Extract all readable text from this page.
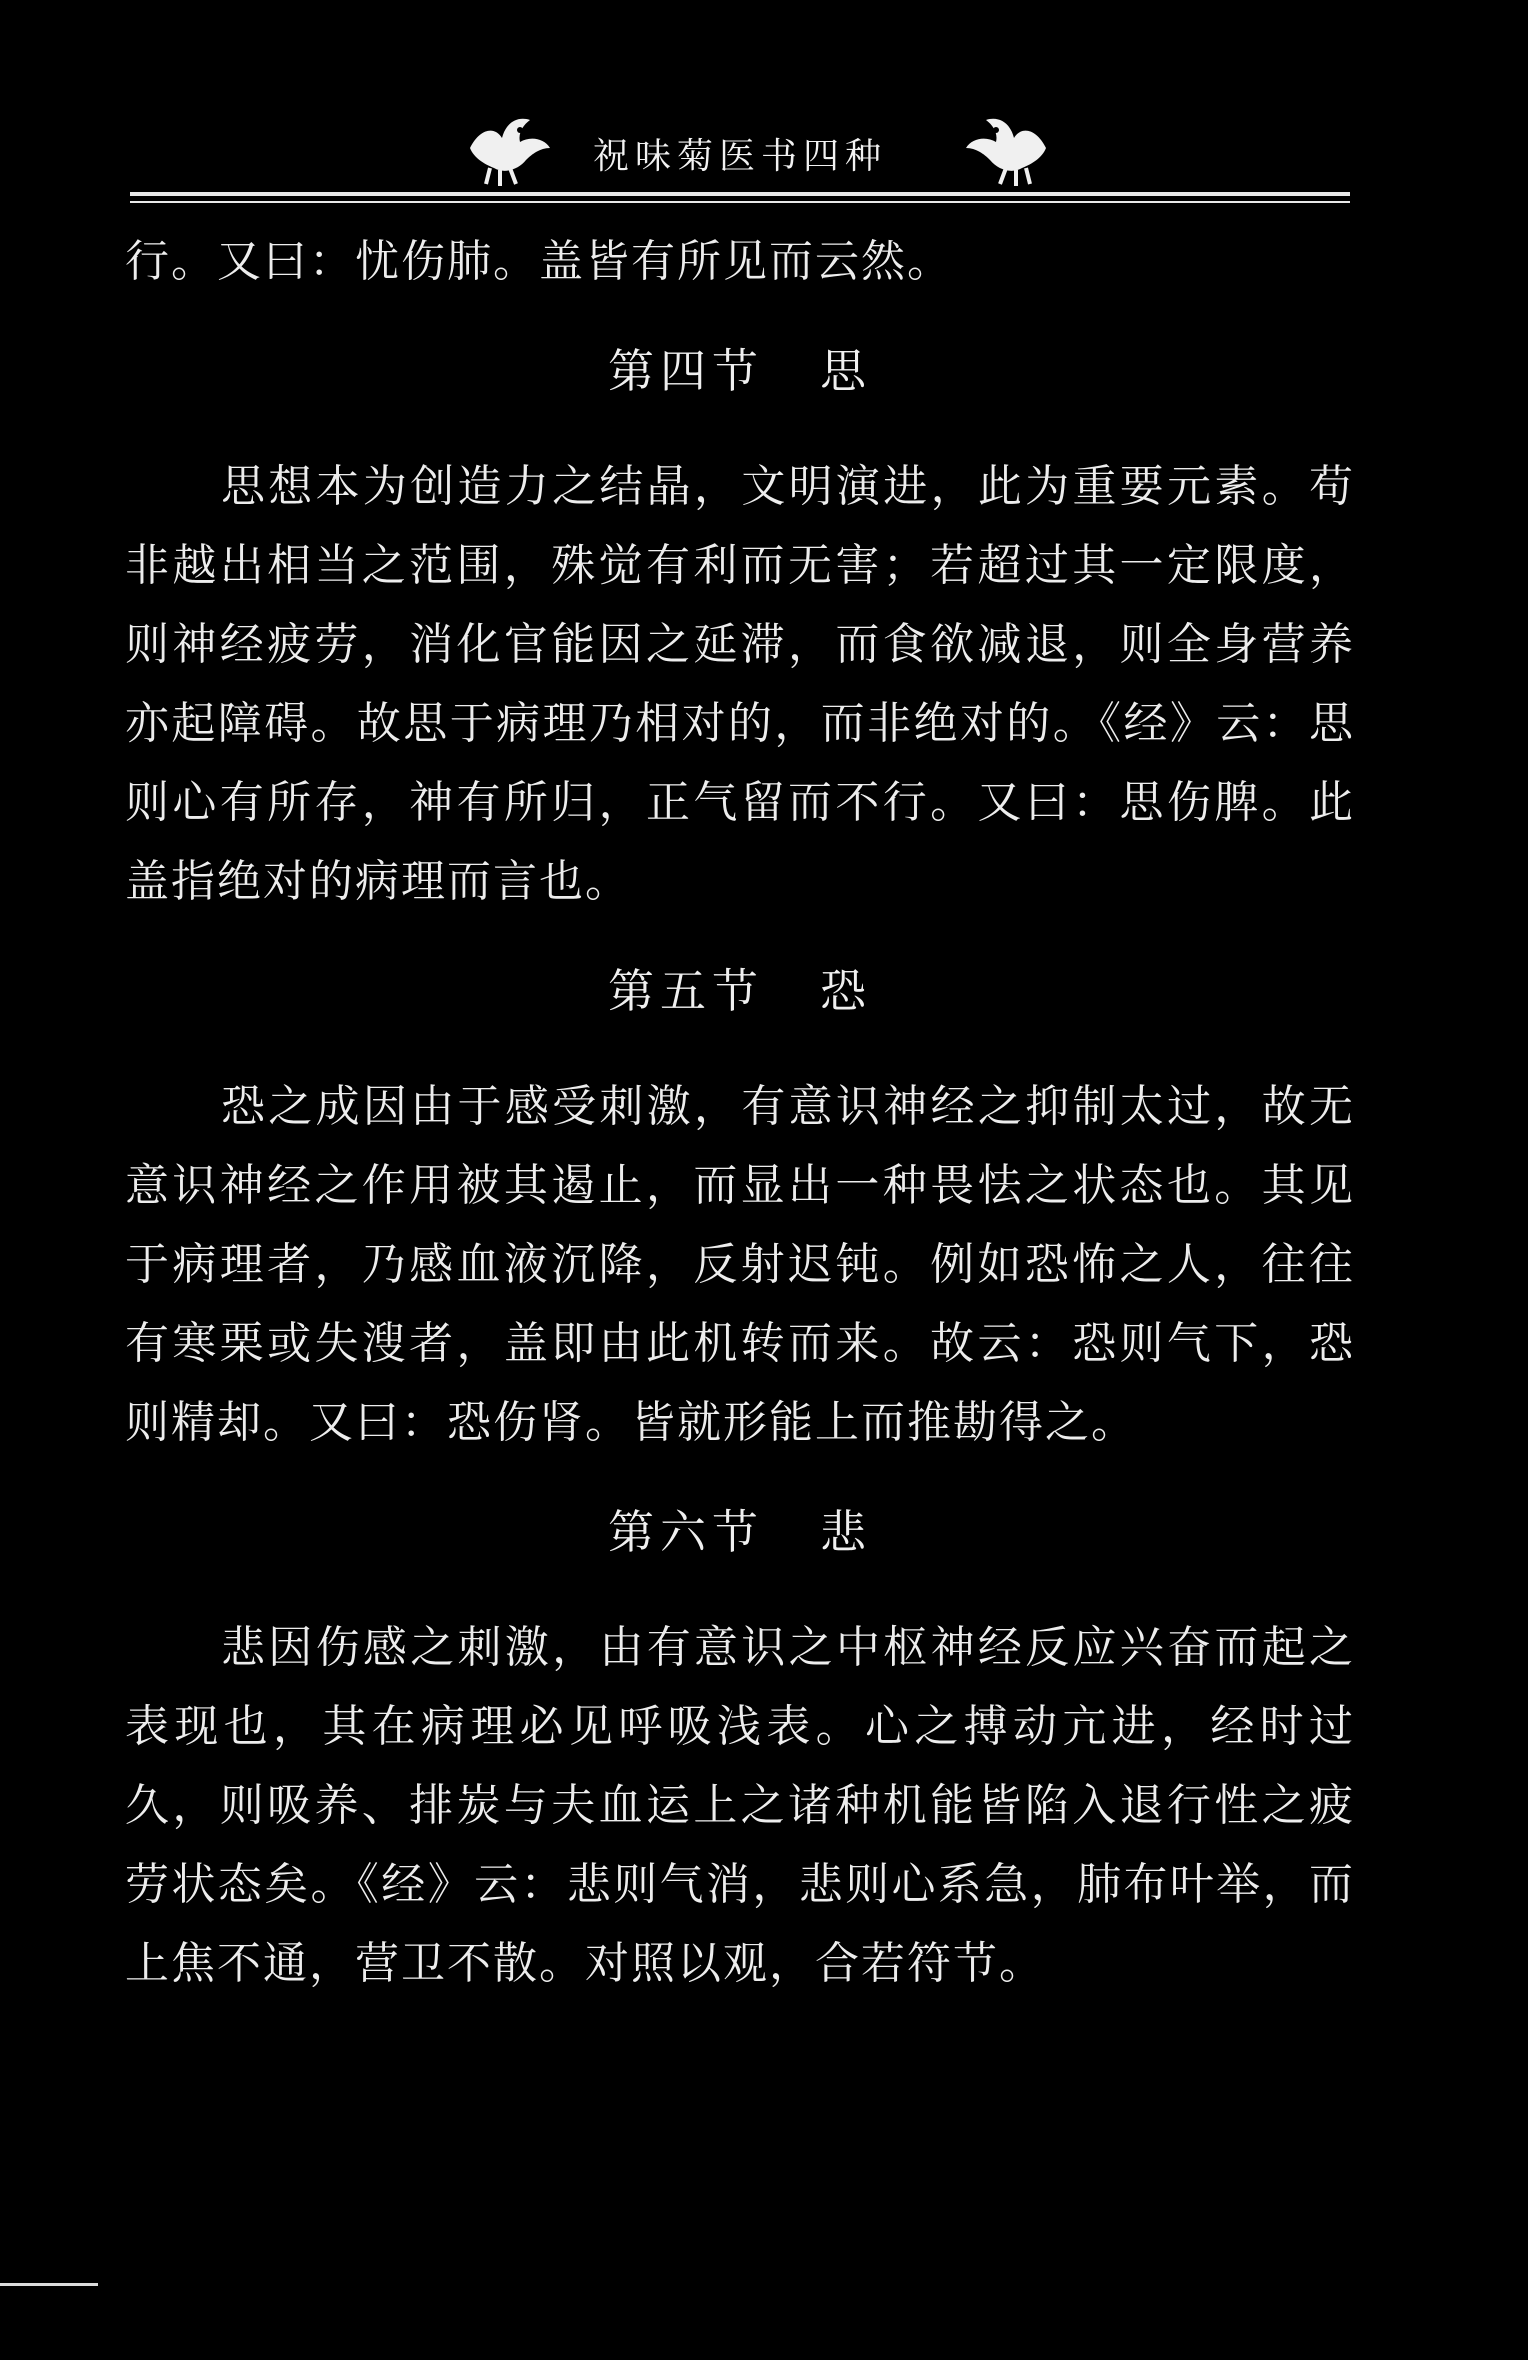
祝味菊医书四种

行。又曰：忧伤肺。盖皆有所见而云然。

第四节 思

思想本为创造力之结晶，文明演进，此为重要元素。苟非越出相当之范围，殊觉有利而无害；若超过其一定限度，则神经疲劳，消化官能因之延滞，而食欲减退，则全身营养亦起障碍。故思于病理乃相对的，而非绝对的。《经》云：思则心有所存，神有所归，正气留而不行。又曰：思伤脾。此盖指绝对的病理而言也。

第五节 恐

恐之成因由于感受刺激，有意识神经之抑制太过，故无意识神经之作用被其遏止，而显出一种畏怯之状态也。其见于病理者，乃感血液沉降，反射迟钝。例如恐怖之人，往往有寒栗或失溲者，盖即由此机转而来。故云：恐则气下，恐则精却。又曰：恐伤肾。皆就形能上而推勘得之。

第六节 悲

悲因伤感之刺激，由有意识之中枢神经反应兴奋而起之表现也，其在病理必见呼吸浅表。心之搏动亢进，经时过久，则吸养、排炭与夫血运上之诸种机能皆陷入退行性之疲劳状态矣。《经》云：悲则气消，悲则心系急，肺布叶举，而上焦不通，营卫不散。对照以观，合若符节。
